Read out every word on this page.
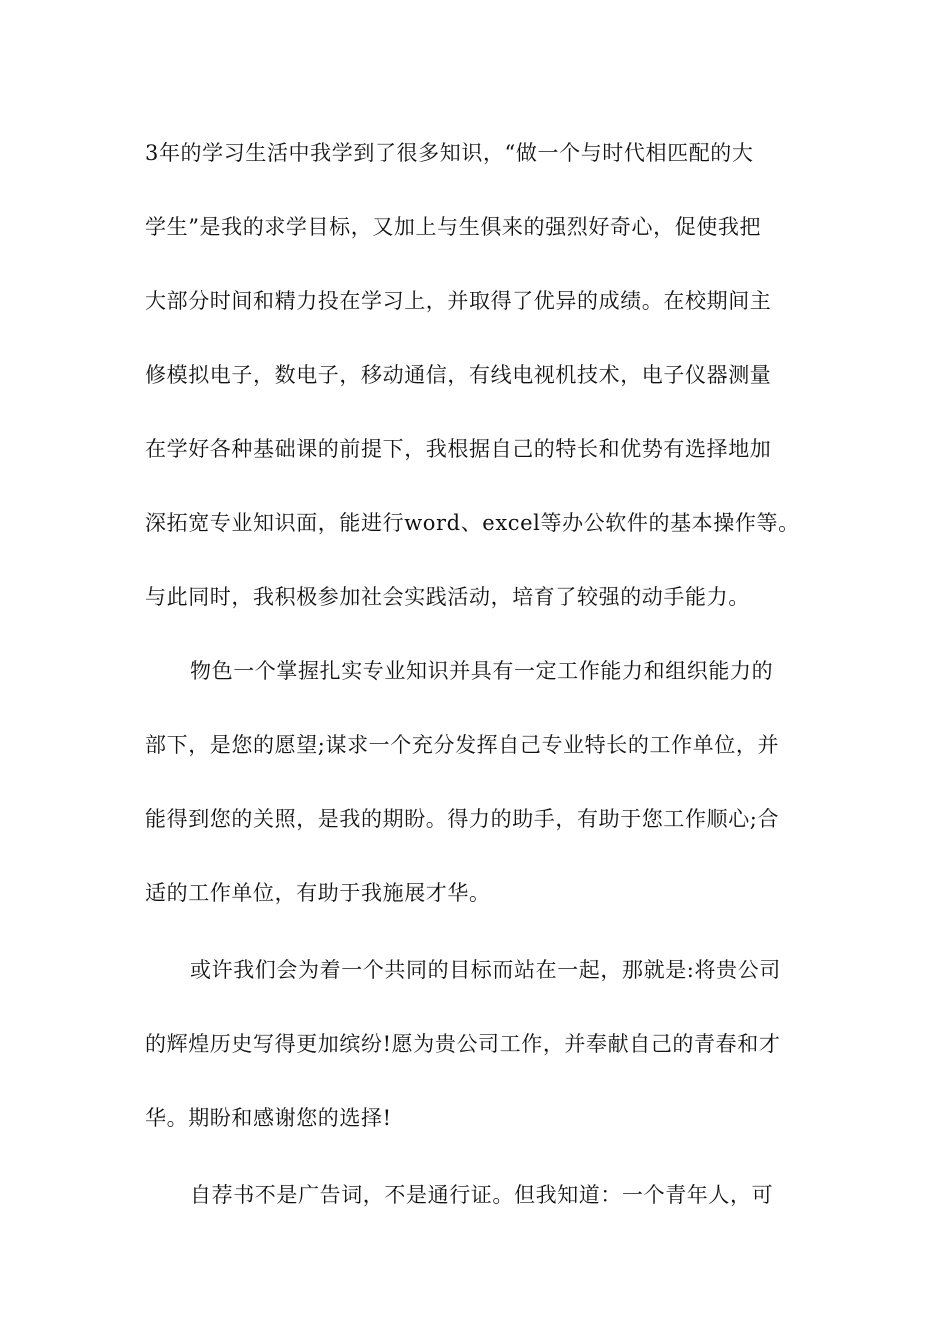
3年的学习生活中我学到了很多知识，“做一个与时代相匹配的大
学生”是我的求学目标，又加上与生俱来的强烈好奇心，促使我把
大部分时间和精力投在学习上，并取得了优异的成绩。在校期间主
修模拟电子，数电子，移动通信，有线电视机技术，电子仪器测量
在学好各种基础课的前提下，我根据自己的特长和优势有选择地加
深拓宽专业知识面，能进行word、excel等办公软件的基本操作等。
与此同时，我积极参加社会实践活动，培育了较强的动手能力。
物色一个掌握扎实专业知识并具有一定工作能力和组织能力的
部下，是您的愿望;谋求一个充分发挥自己专业特长的工作单位，并
能得到您的关照，是我的期盼。得力的助手，有助于您工作顺心;合
适的工作单位，有助于我施展才华。
或许我们会为着一个共同的目标而站在一起，那就是:将贵公司
的辉煌历史写得更加缤纷!愿为贵公司工作，并奉献自己的青春和才
华。期盼和感谢您的选择!
自荐书不是广告词，不是通行证。但我知道：一个青年人，可
